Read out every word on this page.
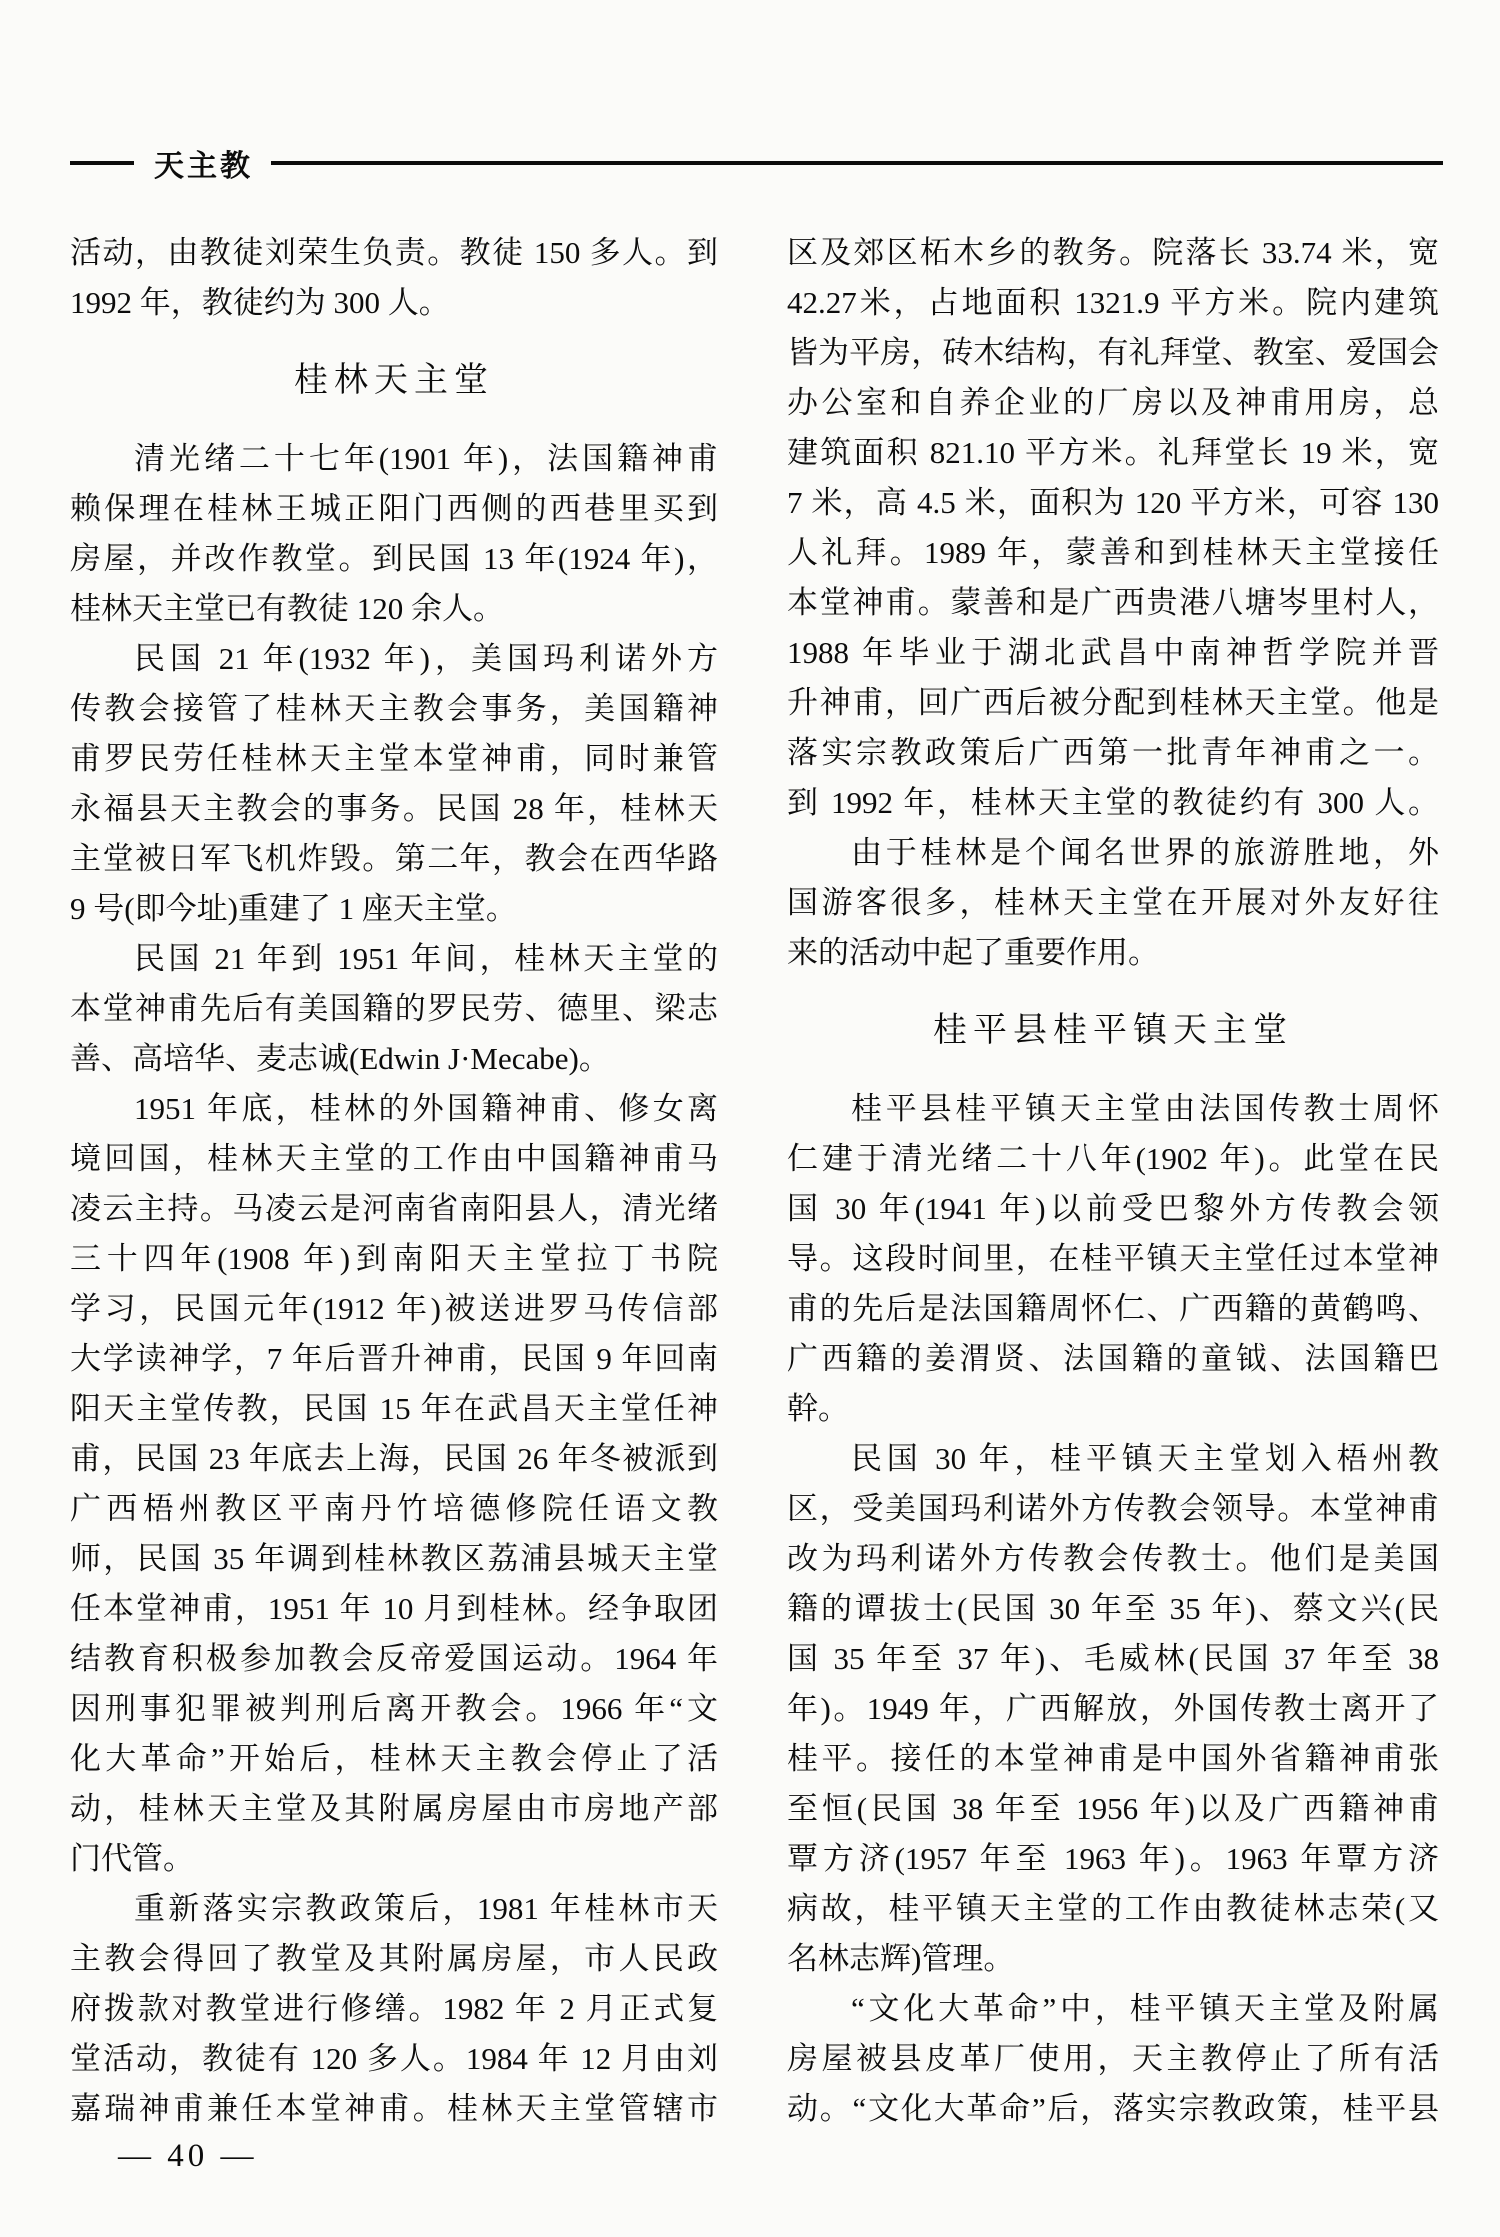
天主教
活动，由教徒刘荣生负责。教徒 150 多人。到
1992 年，教徒约为 300 人。
桂林天主堂
清光绪二十七年(1901 年)，法国籍神甫
赖保理在桂林王城正阳门西侧的西巷里买到
房屋，并改作教堂。到民国 13 年(1924 年)，
桂林天主堂已有教徒 120 余人。
民国 21 年(1932 年)，美国玛利诺外方
传教会接管了桂林天主教会事务，美国籍神
甫罗民劳任桂林天主堂本堂神甫，同时兼管
永福县天主教会的事务。民国 28 年，桂林天
主堂被日军飞机炸毁。第二年，教会在西华路
9 号(即今址)重建了 1 座天主堂。
民国 21 年到 1951 年间，桂林天主堂的
本堂神甫先后有美国籍的罗民劳、德里、梁志
善、高培华、麦志诚(Edwin J·Mecabe)。
1951 年底，桂林的外国籍神甫、修女离
境回国，桂林天主堂的工作由中国籍神甫马
凌云主持。马凌云是河南省南阳县人，清光绪
三十四年(1908 年)到南阳天主堂拉丁书院
学习，民国元年(1912 年)被送进罗马传信部
大学读神学，7 年后晋升神甫，民国 9 年回南
阳天主堂传教，民国 15 年在武昌天主堂任神
甫，民国 23 年底去上海，民国 26 年冬被派到
广西梧州教区平南丹竹培德修院任语文教
师，民国 35 年调到桂林教区荔浦县城天主堂
任本堂神甫，1951 年 10 月到桂林。经争取团
结教育积极参加教会反帝爱国运动。1964 年
因刑事犯罪被判刑后离开教会。1966 年“文
化大革命”开始后，桂林天主教会停止了活
动，桂林天主堂及其附属房屋由市房地产部
门代管。
重新落实宗教政策后，1981 年桂林市天
主教会得回了教堂及其附属房屋，市人民政
府拨款对教堂进行修缮。1982 年 2 月正式复
堂活动，教徒有 120 多人。1984 年 12 月由刘
嘉瑞神甫兼任本堂神甫。桂林天主堂管辖市
区及郊区柘木乡的教务。院落长 33.74 米，宽
42.27米，占地面积 1321.9 平方米。院内建筑
皆为平房，砖木结构，有礼拜堂、教室、爱国会
办公室和自养企业的厂房以及神甫用房，总
建筑面积 821.10 平方米。礼拜堂长 19 米，宽
7 米，高 4.5 米，面积为 120 平方米，可容 130
人礼拜。1989 年，蒙善和到桂林天主堂接任
本堂神甫。蒙善和是广西贵港八塘岑里村人，
1988 年毕业于湖北武昌中南神哲学院并晋
升神甫，回广西后被分配到桂林天主堂。他是
落实宗教政策后广西第一批青年神甫之一。
到 1992 年，桂林天主堂的教徒约有 300 人。
由于桂林是个闻名世界的旅游胜地，外
国游客很多，桂林天主堂在开展对外友好往
来的活动中起了重要作用。
桂平县桂平镇天主堂
桂平县桂平镇天主堂由法国传教士周怀
仁建于清光绪二十八年(1902 年)。此堂在民
国 30 年(1941 年)以前受巴黎外方传教会领
导。这段时间里，在桂平镇天主堂任过本堂神
甫的先后是法国籍周怀仁、广西籍的黄鹤鸣、
广西籍的姜渭贤、法国籍的童钺、法国籍巴
幹。
民国 30 年，桂平镇天主堂划入梧州教
区，受美国玛利诺外方传教会领导。本堂神甫
改为玛利诺外方传教会传教士。他们是美国
籍的谭拔士(民国 30 年至 35 年)、蔡文兴(民
国 35 年至 37 年)、毛威林(民国 37 年至 38
年)。1949 年，广西解放，外国传教士离开了
桂平。接任的本堂神甫是中国外省籍神甫张
至恒(民国 38 年至 1956 年)以及广西籍神甫
覃方济(1957 年至 1963 年)。1963 年覃方济
病故，桂平镇天主堂的工作由教徒林志荣(又
名林志辉)管理。
“文化大革命”中，桂平镇天主堂及附属
房屋被县皮革厂使用，天主教停止了所有活
动。“文化大革命”后，落实宗教政策，桂平县
— 40 —
